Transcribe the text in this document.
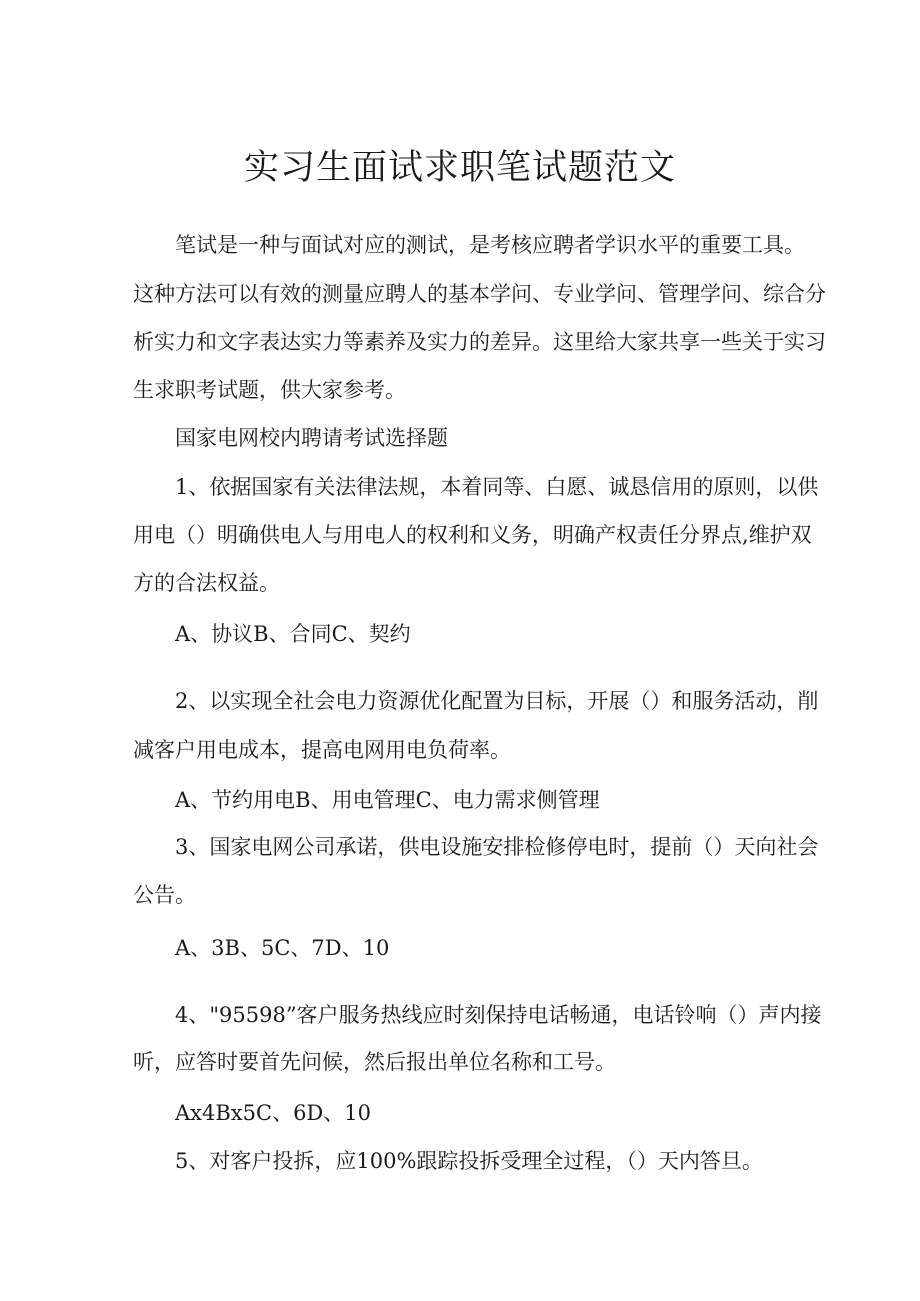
实习生面试求职笔试题范文

笔试是一种与面试对应的测试，是考核应聘者学识水平的重要工具。

这种方法可以有效的测量应聘人的基本学问、专业学问、管理学问、综合分

析实力和文字表达实力等素养及实力的差异。这里给大家共享一些关于实习

生求职考试题，供大家参考。

国家电网校内聘请考试选择题

1、依据国家有关法律法规，本着同等、白愿、诚恳信用的原则，以供

用电（）明确供电人与用电人的权利和义务，明确产权责任分界点,维护双

方的合法权益。

A、协议B、合同C、契约

2、以实现全社会电力资源优化配置为目标，开展（）和服务活动，削

减客户用电成本，提高电网用电负荷率。

A、节约用电B、用电管理C、电力需求侧管理

3、国家电网公司承诺，供电设施安排检修停电时，提前（）天向社会

公告。

A、3B、5C、7D、10

4、"95598”客户服务热线应时刻保持电话畅通，电话铃响（）声内接

听，应答时要首先问候，然后报出单位名称和工号。

Ax4Bx5C、6D、10

5、对客户投拆，应100%跟踪投拆受理全过程，（）天内答旦。
